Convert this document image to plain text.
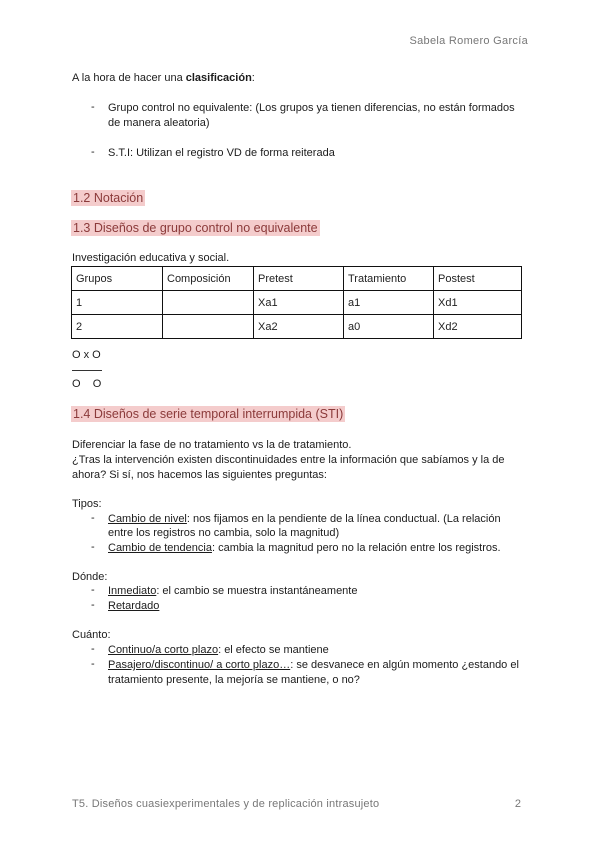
Sabela Romero García
A la hora de hacer una clasificación:
- Grupo control no equivalente: (Los grupos ya tienen diferencias, no están formados
de manera aleatoria)
- S.T.I: Utilizan el registro VD de forma reiterada
1.2 Notación
1.3 Diseños de grupo control no equivalente
Investigación educativa y social.
Grupos	Composición	Pretest	Tratamiento	Postest
1		Xa1	a1	Xd1
2		Xa2	a0	Xd2
O x O
O    O
1.4 Diseños de serie temporal interrumpida (STI)
Diferenciar la fase de no tratamiento vs la de tratamiento.
¿Tras la intervención existen discontinuidades entre la información que sabíamos y la de
ahora? Si sí, nos hacemos las siguientes preguntas:
Tipos:
- Cambio de nivel: nos fijamos en la pendiente de la línea conductual. (La relación
entre los registros no cambia, solo la magnitud)
- Cambio de tendencia: cambia la magnitud pero no la relación entre los registros.
Dónde:
- Inmediato: el cambio se muestra instantáneamente
- Retardado
Cuánto:
- Continuo/a corto plazo: el efecto se mantiene
- Pasajero/discontinuo/ a corto plazo…: se desvanece en algún momento ¿estando el
tratamiento presente, la mejoría se mantiene, o no?
T5. Diseños cuasiexperimentales y de replicación intrasujeto	2
